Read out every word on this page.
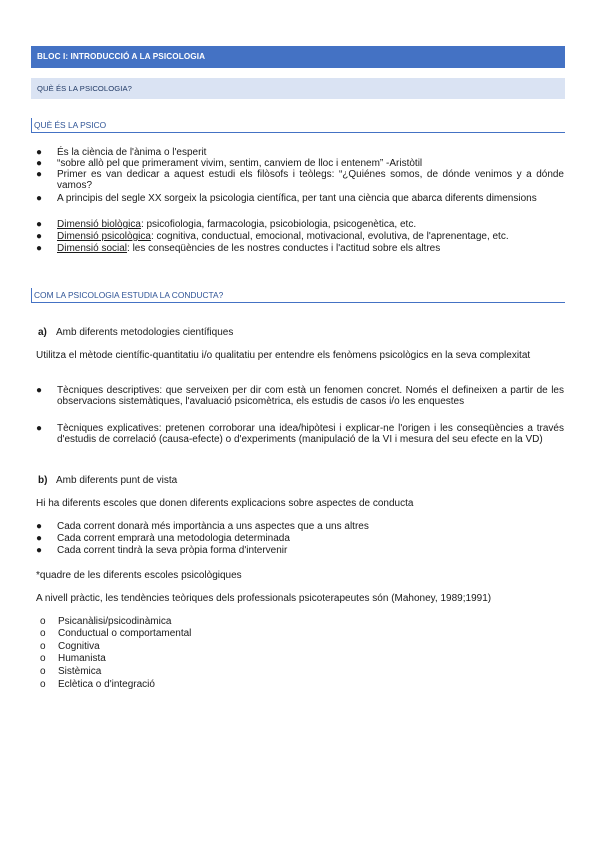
BLOC I: INTRODUCCIÓ A LA PSICOLOGIA
QUÈ ÉS LA PSICOLOGIA?
QUÈ ÉS LA PSICO
● És la ciència de l'ànima o l'esperit
● “sobre allò pel que primerament vivim, sentim, canviem de lloc i entenem” -Aristòtil
● Primer es van dedicar a aquest estudi els filòsofs i teòlegs: “¿Quiénes somos, de dónde venimos y a dónde vamos?
● A principis del segle XX sorgeix la psicologia científica, per tant una ciència que abarca diferents dimensions
● Dimensió biològica: psicofiologia, farmacologia, psicobiologia, psicogenètica, etc.
● Dimensió psicològica: cognitiva, conductual, emocional, motivacional, evolutiva, de l'aprenentage, etc.
● Dimensió social: les conseqüències de les nostres conductes i l'actitud sobre els altres
COM LA PSICOLOGIA ESTUDIA LA CONDUCTA?
a) Amb diferents metodologies científiques
Utilitza el mètode científic-quantitatiu i/o qualitatiu per entendre els fenòmens psicològics en la seva complexitat
● Tècniques descriptives: que serveixen per dir com està un fenomen concret. Només el defineixen a partir de les observacions sistemàtiques, l'avaluació psicomètrica, els estudis de casos i/o les enquestes
● Tècniques explicatives: pretenen corroborar una idea/hipòtesi i explicar-ne l'origen i les conseqüències a través d'estudis de correlació (causa-efecte) o d'experiments (manipulació de la VI i mesura del seu efecte en la VD)
b) Amb diferents punt de vista
Hi ha diferents escoles que donen diferents explicacions sobre aspectes de conducta
● Cada corrent donarà més importància a uns aspectes que a uns altres
● Cada corrent emprarà una metodologia determinada
● Cada corrent tindrà la seva pròpia forma d'intervenir
*quadre de les diferents escoles psicològiques
A nivell pràctic, les tendències teòriques dels professionals psicoterapeutes són (Mahoney, 1989;1991)
o Psicanàlisi/psicodinàmica
o Conductual o comportamental
o Cognitiva
o Humanista
o Sistèmica
o Eclètica o d'integració
